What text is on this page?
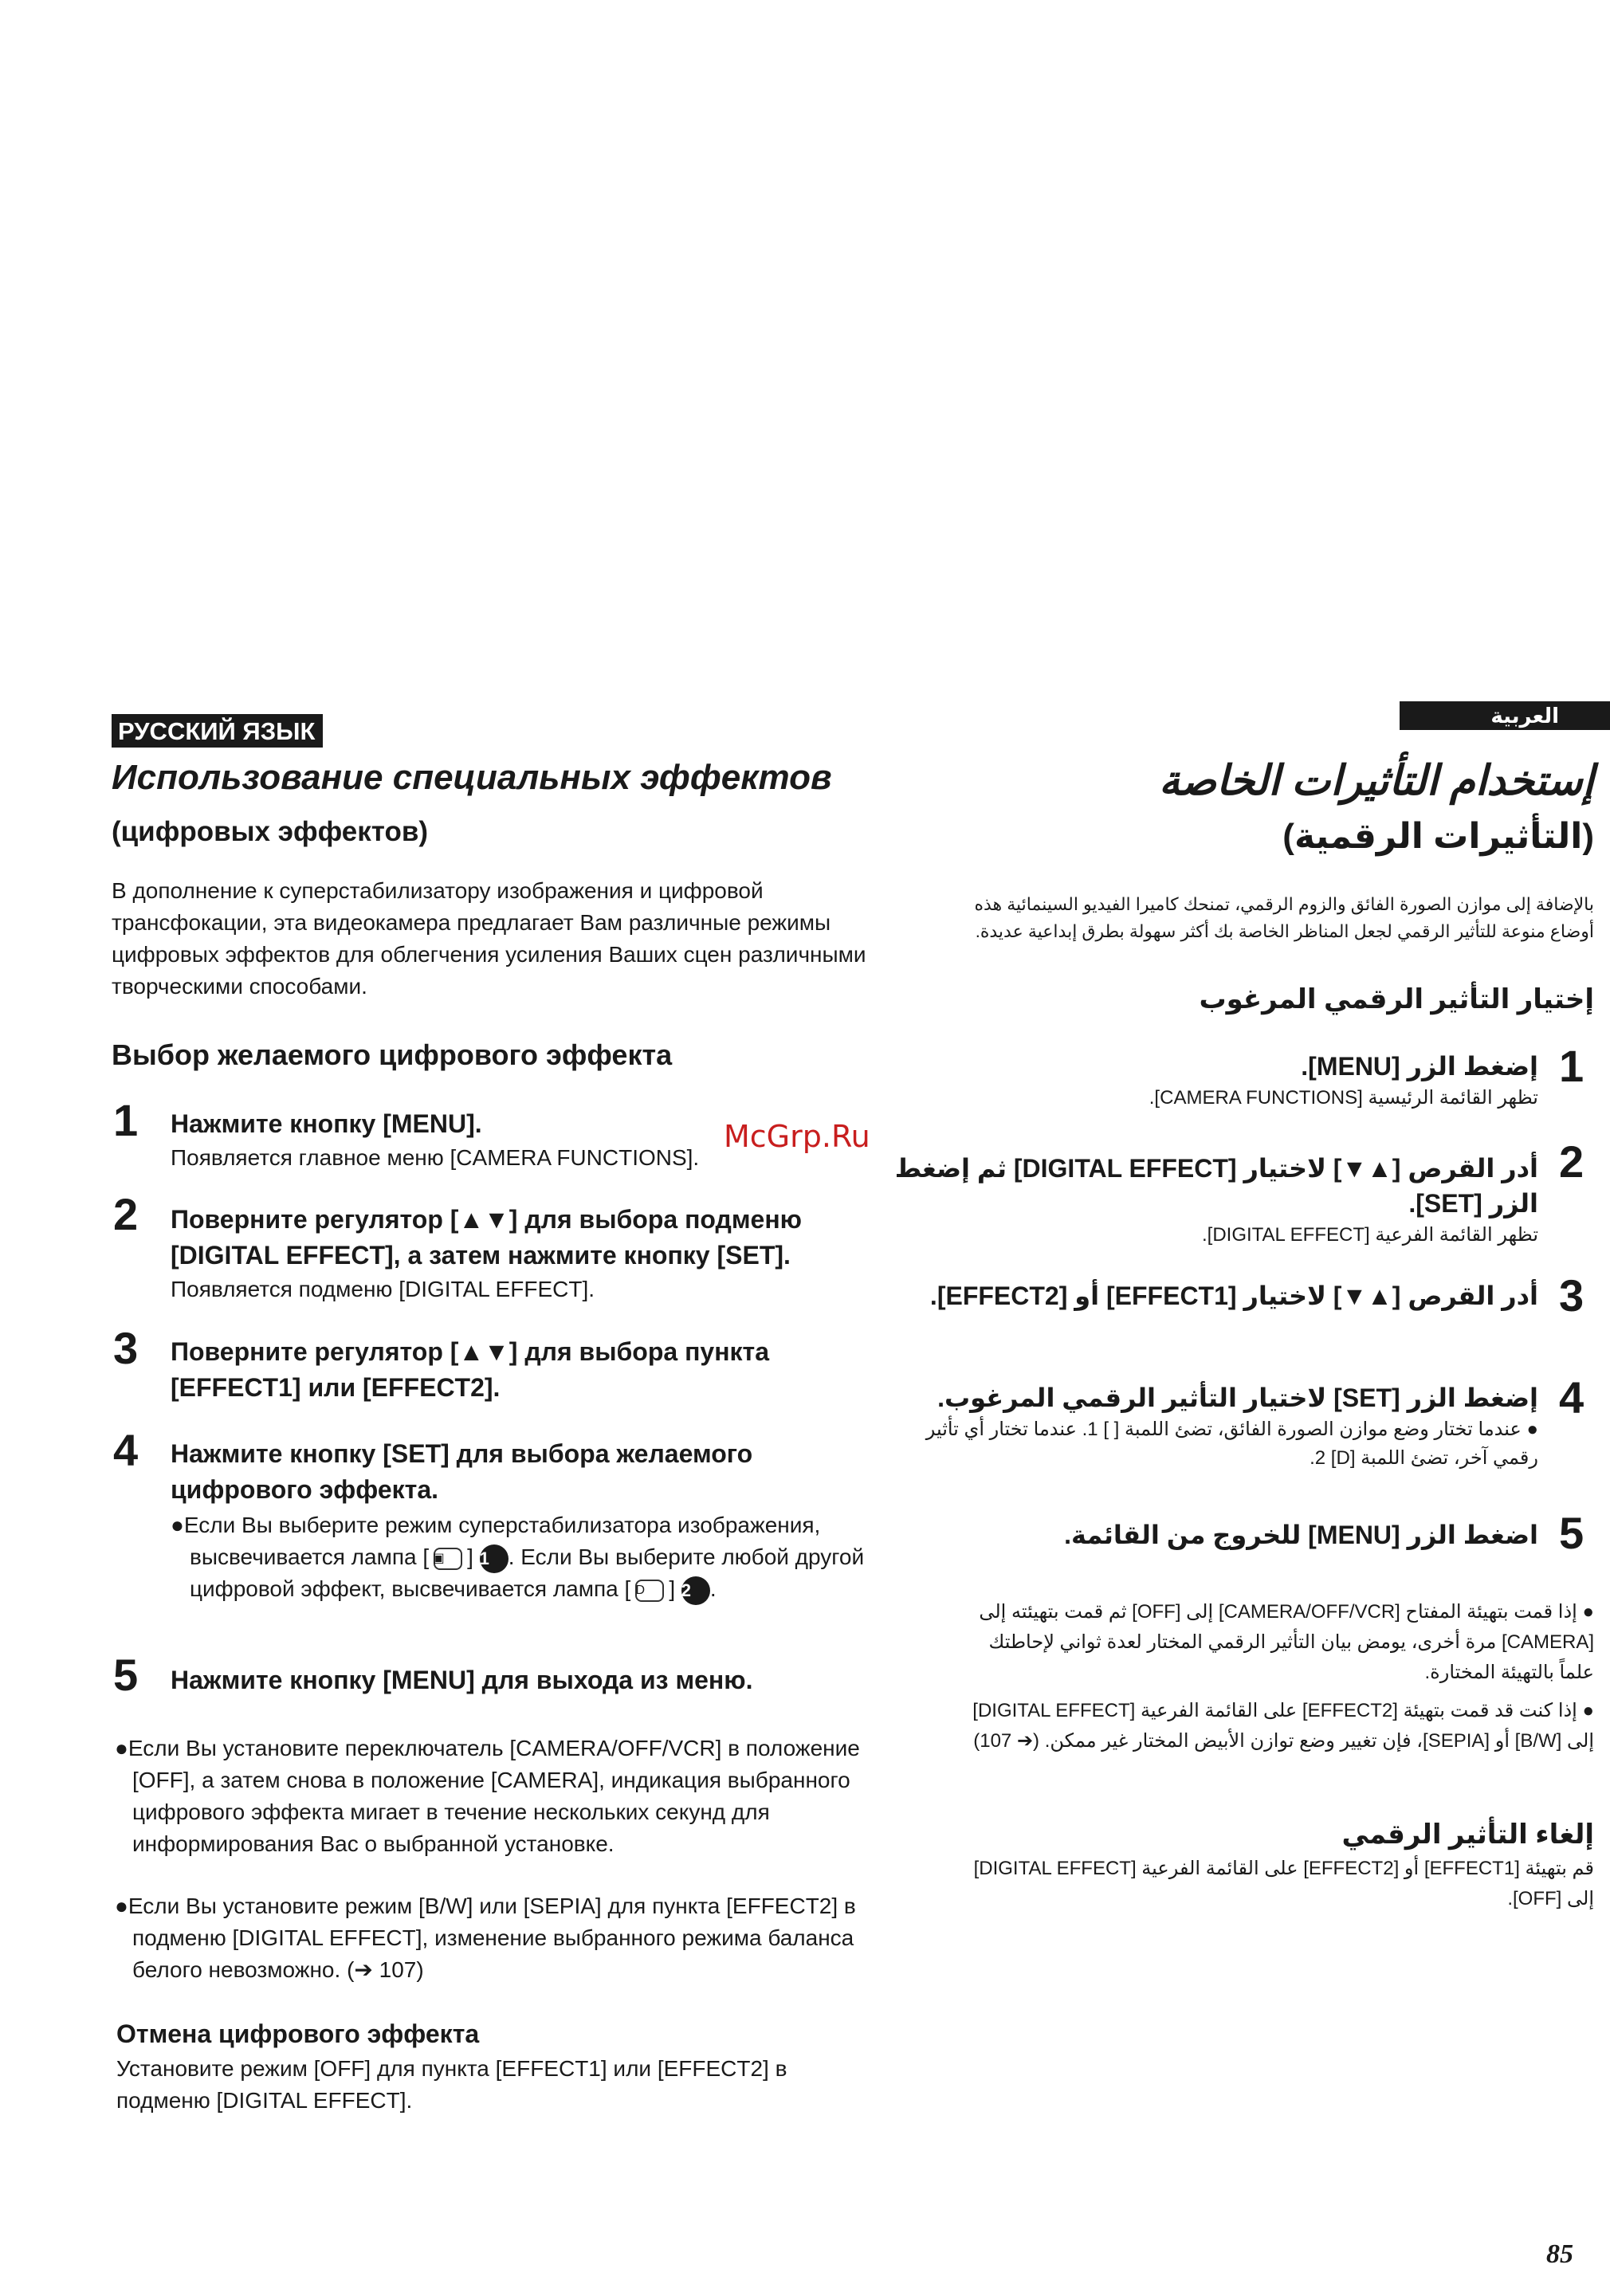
РУССКИЙ ЯЗЫК
Использование специальных эффектов
(цифровых эффектов)
В дополнение к суперстабилизатору изображения и цифровой трансфокации, эта видеокамера предлагает Вам различные режимы цифровых эффектов для облегчения усиления Ваших сцен различными творческими способами.
Выбор желаемого цифрового эффекта
1	Нажмите кнопку [MENU].
Появляется главное меню [CAMERA FUNCTIONS].
2	Поверните регулятор [▲▼] для выбора подменю [DIGITAL EFFECT], а затем нажмите кнопку [SET].
Появляется подменю [DIGITAL EFFECT].
3	Поверните регулятор [▲▼] для выбора пункта [EFFECT1] или [EFFECT2].
4	Нажмите кнопку [SET] для выбора желаемого цифрового эффекта.
●Если Вы выберите режим суперстабилизатора изображения, высвечивается лампа [ ▣ ] 1 . Если Вы выберите любой другой цифровой эффект, высвечивается лампа [ D ] 2 .
5	Нажмите кнопку [MENU] для выхода из меню.
●Если Вы установите переключатель [CAMERA/OFF/VCR] в положение [OFF], а затем снова в положение [CAMERA], индикация выбранного цифрового эффекта мигает в течение нескольких секунд для информирования Вас о выбранной установке.
●Если Вы установите режим [B/W] или [SEPIA] для пункта [EFFECT2] в подменю [DIGITAL EFFECT], изменение выбранного режима баланса белого невозможно. (➔ 107)
Отмена цифрового эффекта
Установите режим [OFF] для пункта [EFFECT1] или [EFFECT2] в подменю [DIGITAL EFFECT].
McGrp.Ru
العربية
إستخدام التأثيرات الخاصة
(التأثيرات الرقمية)
بالإضافة إلى موازن الصورة الفائق والزوم الرقمي، تمنحك كاميرا الفيديو السينمائية هذه أوضاع منوعة للتأثير الرقمي لجعل المناظر الخاصة بك أكثر سهولة بطرق إبداعية عديدة.
إختيار التأثير الرقمي المرغوب
1
إضغط الزر [MENU].
تظهر القائمة الرئيسية [CAMERA FUNCTIONS].
2
أدر القرص [▲▼] لاختيار [DIGITAL EFFECT] ثم إضغط الزر [SET].
تظهر القائمة الفرعية [DIGITAL EFFECT].
3
أدر القرص [▲▼] لاختيار [EFFECT1] أو [EFFECT2].
4
إضغط الزر [SET] لاختيار التأثير الرقمي المرغوب.
● عندما تختار وضع موازن الصورة الفائق، تضئ اللمبة [ ] 1. عندما تختار أي تأثير رقمي آخر، تضئ اللمبة [D] 2.
5
اضغط الزر [MENU] للخروج من القائمة.
● إذا قمت بتهيئة المفتاح [CAMERA/OFF/VCR] إلى [OFF] ثم قمت بتهيئته إلى [CAMERA] مرة أخرى، يومض بيان التأثير الرقمي المختار لعدة ثواني لإحاطتك علماً بالتهيئة المختارة.
● إذا كنت قد قمت بتهيئة [EFFECT2] على القائمة الفرعية [DIGITAL EFFECT] إلى [B/W] أو [SEPIA]، فإن تغيير وضع توازن الأبيض المختار غير ممكن. (➔ 107)
إلغاء التأثير الرقمي
قم بتهيئة [EFFECT1] أو [EFFECT2] على القائمة الفرعية [DIGITAL EFFECT] إلى [OFF].
85
